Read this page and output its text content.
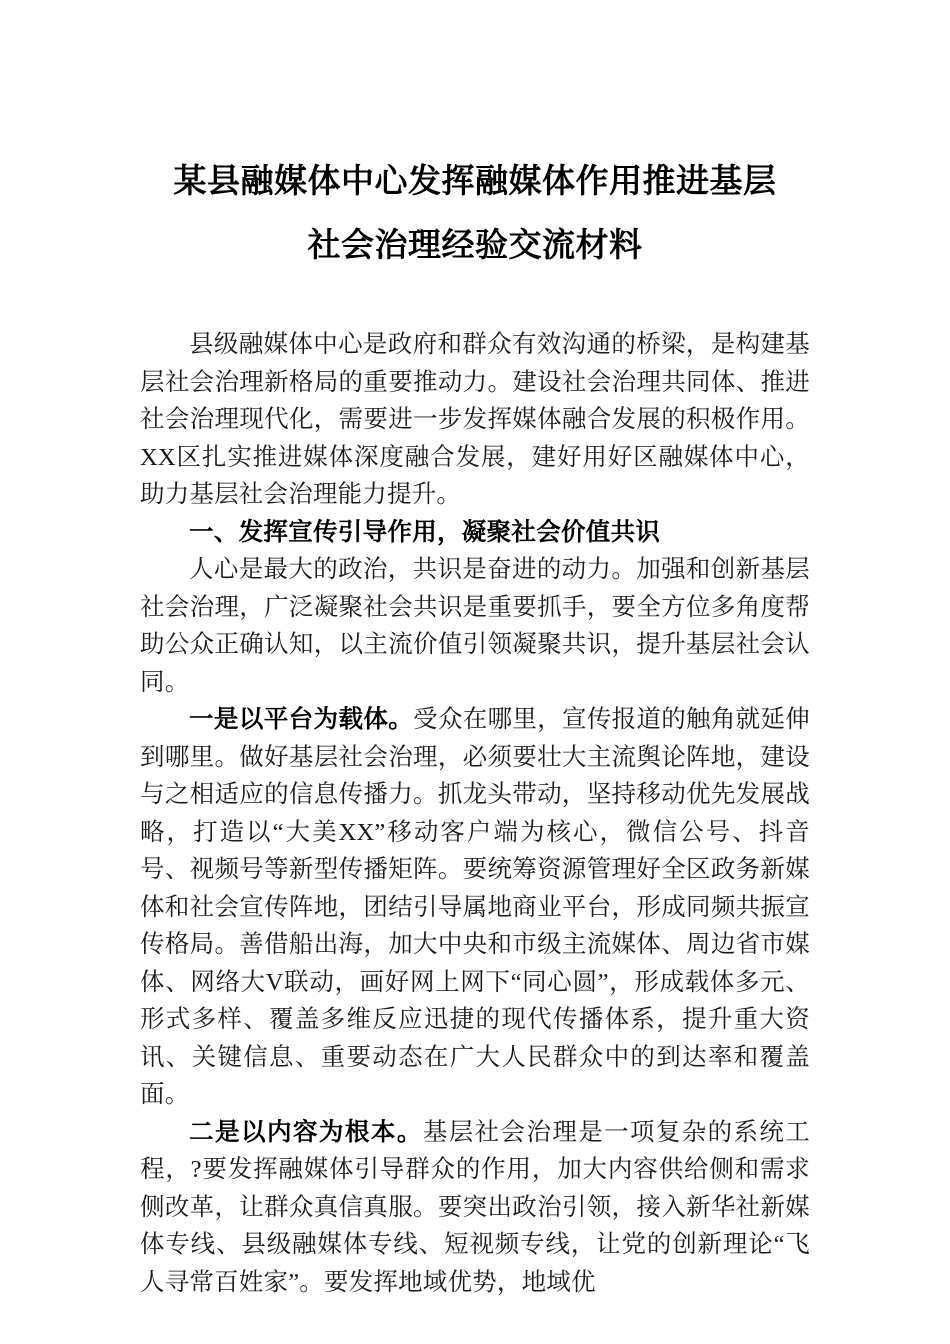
某县融媒体中心发挥融媒体作用推进基层
社会治理经验交流材料

县级融媒体中心是政府和群众有效沟通的桥梁，是构建基层社会治理新格局的重要推动力。建设社会治理共同体、推进社会治理现代化，需要进一步发挥媒体融合发展的积极作用。XX区扎实推进媒体深度融合发展，建好用好区融媒体中心，助力基层社会治理能力提升。

一、发挥宣传引导作用，凝聚社会价值共识

人心是最大的政治，共识是奋进的动力。加强和创新基层社会治理，广泛凝聚社会共识是重要抓手，要全方位多角度帮助公众正确认知，以主流价值引领凝聚共识，提升基层社会认同。

一是以平台为载体。受众在哪里，宣传报道的触角就延伸到哪里。做好基层社会治理，必须要壮大主流舆论阵地，建设与之相适应的信息传播力。抓龙头带动，坚持移动优先发展战略，打造以“大美XX”移动客户端为核心，微信公号、抖音号、视频号等新型传播矩阵。要统筹资源管理好全区政务新媒体和社会宣传阵地，团结引导属地商业平台，形成同频共振宣传格局。善借船出海，加大中央和市级主流媒体、周边省市媒体、网络大V联动，画好网上网下“同心圆”，形成载体多元、形式多样、覆盖多维反应迅捷的现代传播体系，提升重大资讯、关键信息、重要动态在广大人民群众中的到达率和覆盖面。

二是以内容为根本。基层社会治理是一项复杂的系统工程，?要发挥融媒体引导群众的作用，加大内容供给侧和需求侧改革，让群众真信真服。要突出政治引领，接入新华社新媒体专线、县级融媒体专线、短视频专线，让党的创新理论“飞人寻常百姓家”。要发挥地域优势，地域优
